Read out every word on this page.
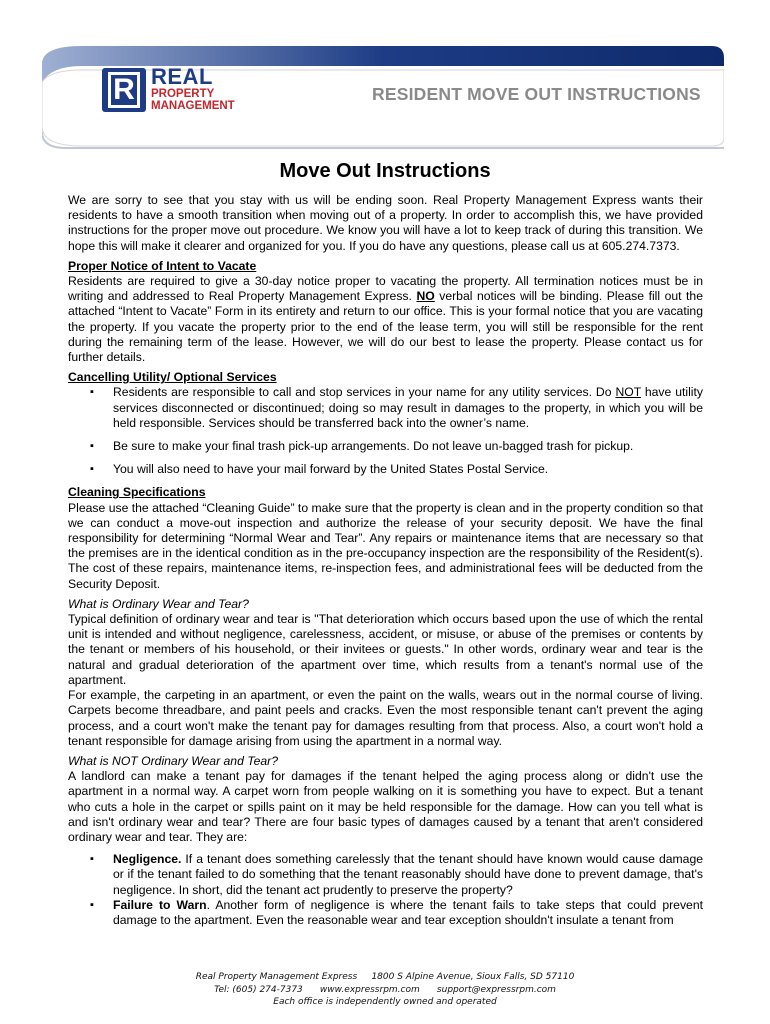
R REAL
PROPERTY
MANAGEMENT
RESIDENT MOVE OUT INSTRUCTIONS
Move Out Instructions

We are sorry to see that you stay with us will be ending soon. Real Property Management Express wants their residents to have a smooth transition when moving out of a property. In order to accomplish this, we have provided instructions for the proper move out procedure. We know you will have a lot to keep track of during this transition. We hope this will make it clearer and organized for you. If you do have any questions, please call us at 605.274.7373.

Proper Notice of Intent to Vacate

Residents are required to give a 30-day notice proper to vacating the property. All termination notices must be in writing and addressed to Real Property Management Express. NO verbal notices will be binding. Please fill out the attached “Intent to Vacate” Form in its entirety and return to our office. This is your formal notice that you are vacating the property. If you vacate the property prior to the end of the lease term, you will still be responsible for the rent during the remaining term of the lease. However, we will do our best to lease the property. Please contact us for further details.

Cancelling Utility/ Optional Services

▪ Residents are responsible to call and stop services in your name for any utility services. Do NOT have utility services disconnected or discontinued; doing so may result in damages to the property, in which you will be held responsible. Services should be transferred back into the owner’s name.
▪ Be sure to make your final trash pick-up arrangements. Do not leave un-bagged trash for pickup.
▪ You will also need to have your mail forward by the United States Postal Service.

Cleaning Specifications

Please use the attached “Cleaning Guide” to make sure that the property is clean and in the property condition so that we can conduct a move-out inspection and authorize the release of your security deposit. We have the final responsibility for determining “Normal Wear and Tear”. Any repairs or maintenance items that are necessary so that the premises are in the identical condition as in the pre-occupancy inspection are the responsibility of the Resident(s). The cost of these repairs, maintenance items, re-inspection fees, and administrational fees will be deducted from the Security Deposit.

What is Ordinary Wear and Tear?

Typical definition of ordinary wear and tear is "That deterioration which occurs based upon the use of which the rental unit is intended and without negligence, carelessness, accident, or misuse, or abuse of the premises or contents by the tenant or members of his household, or their invitees or guests." In other words, ordinary wear and tear is the natural and gradual deterioration of the apartment over time, which results from a tenant's normal use of the apartment.

For example, the carpeting in an apartment, or even the paint on the walls, wears out in the normal course of living. Carpets become threadbare, and paint peels and cracks. Even the most responsible tenant can't prevent the aging process, and a court won't make the tenant pay for damages resulting from that process. Also, a court won't hold a tenant responsible for damage arising from using the apartment in a normal way.

What is NOT Ordinary Wear and Tear?

A landlord can make a tenant pay for damages if the tenant helped the aging process along or didn't use the apartment in a normal way. A carpet worn from people walking on it is something you have to expect. But a tenant who cuts a hole in the carpet or spills paint on it may be held responsible for the damage. How can you tell what is and isn't ordinary wear and tear? There are four basic types of damages caused by a tenant that aren't considered ordinary wear and tear. They are:

▪ Negligence. If a tenant does something carelessly that the tenant should have known would cause damage or if the tenant failed to do something that the tenant reasonably should have done to prevent damage, that's negligence. In short, did the tenant act prudently to preserve the property?
▪ Failure to Warn. Another form of negligence is where the tenant fails to take steps that could prevent damage to the apartment. Even the reasonable wear and tear exception shouldn't insulate a tenant from
Real Property Management Express     1800 S Alpine Avenue, Sioux Falls, SD 57110
Tel: (605) 274-7373      www.expressrpm.com      support@expressrpm.com
Each office is independently owned and operated
